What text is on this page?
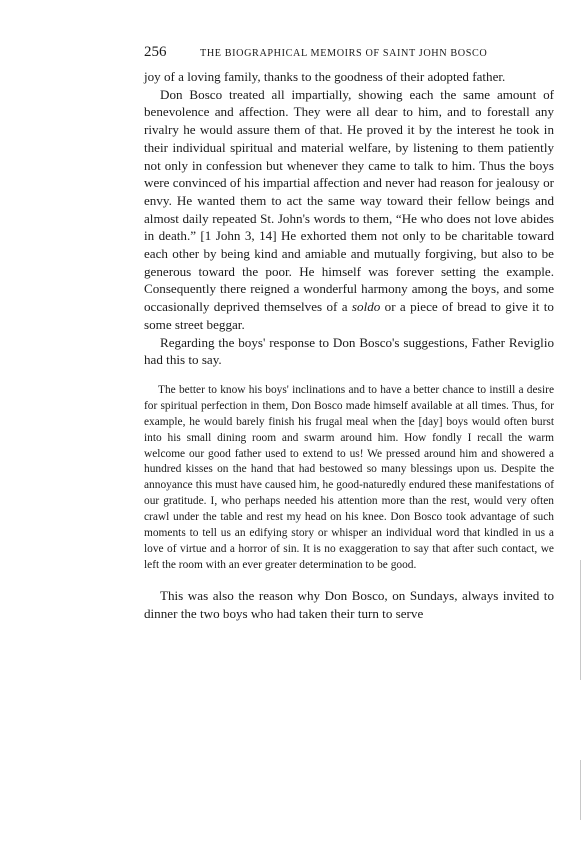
256	THE BIOGRAPHICAL MEMOIRS OF SAINT JOHN BOSCO

joy of a loving family, thanks to the goodness of their adopted father.

Don Bosco treated all impartially, showing each the same amount of benevolence and affection. They were all dear to him, and to forestall any rivalry he would assure them of that. He proved it by the interest he took in their individual spiritual and material welfare, by listening to them patiently not only in confession but whenever they came to talk to him. Thus the boys were convinced of his impartial affection and never had reason for jealousy or envy. He wanted them to act the same way toward their fellow beings and almost daily repeated St. John's words to them, “He who does not love abides in death.” [1 John 3, 14] He exhorted them not only to be charitable toward each other by being kind and amiable and mutually forgiving, but also to be generous toward the poor. He himself was forever setting the example. Consequently there reigned a wonderful harmony among the boys, and some occasionally deprived themselves of a soldo or a piece of bread to give it to some street beggar.

Regarding the boys' response to Don Bosco's suggestions, Father Reviglio had this to say.

The better to know his boys' inclinations and to have a better chance to instill a desire for spiritual perfection in them, Don Bosco made himself available at all times. Thus, for example, he would barely finish his frugal meal when the [day] boys would often burst into his small dining room and swarm around him. How fondly I recall the warm welcome our good father used to extend to us! We pressed around him and showered a hundred kisses on the hand that had bestowed so many blessings upon us. Despite the annoyance this must have caused him, he good-naturedly endured these manifestations of our gratitude. I, who perhaps needed his attention more than the rest, would very often crawl under the table and rest my head on his knee. Don Bosco took advantage of such moments to tell us an edifying story or whisper an individual word that kindled in us a love of virtue and a horror of sin. It is no exaggeration to say that after such contact, we left the room with an ever greater determination to be good.

This was also the reason why Don Bosco, on Sundays, always invited to dinner the two boys who had taken their turn to serve
